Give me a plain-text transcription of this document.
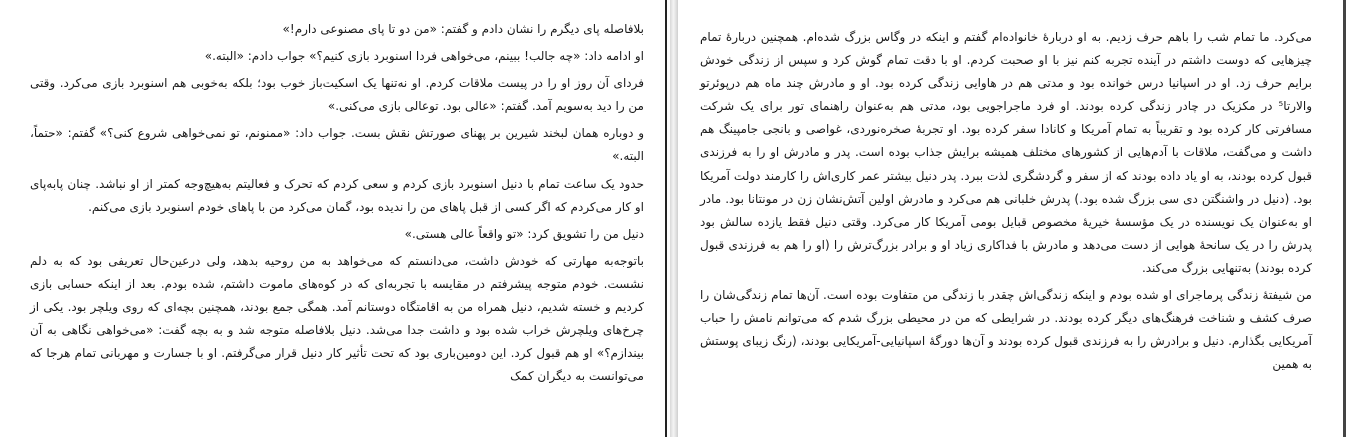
بلافاصله پای دیگرم را نشان دادم و گفتم: «من دو تا پای مصنوعی دارم!»

او ادامه داد: «چه جالب! ببینم، می‌خواهی فردا اسنوبرد بازی کنیم؟» جواب دادم: «البته.»

فردای آن روز او را در پیست ملاقات کردم. او نه‌تنها یک اسکیت‌باز خوب بود؛ بلکه به‌خوبی هم اسنوبرد بازی می‌کرد. وقتی من را دید به‌سویم آمد. گفتم: «عالی بود. تو‌عالی بازی می‌کنی.»

و دوباره همان لبخند شیرین بر پهنای صورتش نقش بست. جواب داد: «ممنونم، تو نمی‌خواهی شروع کنی؟» گفتم: «حتماً، البته.»

حدود یک ساعت تمام با دنیل اسنوبرد بازی کردم و سعی کردم که تحرک و فعالیتم به‌هیچ‌وجه کمتر از او نباشد. چنان پابه‌پای او کار می‌کردم که اگر کسی از قبل پاهای من را ندیده بود، گمان می‌کرد من با پاهای خودم اسنوبرد بازی می‌کنم.

دنیل من را تشویق کرد: «تو واقعاً عالی هستی.»

باتوجه‌به مهارتی که خودش داشت، می‌دانستم که می‌خواهد به من روحیه بدهد، ولی درعین‌حال تعریفی بود که به دلم نشست. خودم متوجه پیشرفتم در مقایسه با تجربه‌ای که در کوه‌های ماموت داشتم، شده بودم. بعد از اینکه حسابی بازی کردیم و خسته شدیم، دنیل همراه من به اقامتگاه دوستانم آمد. همگی جمع بودند، همچنین بچه‌ای که روی ویلچر بود. یکی از چرخ‌های ویلچرش خراب شده بود و داشت جدا می‌شد. دنیل بلافاصله متوجه شد و به بچه گفت: «می‌خواهی نگاهی به آن بیندازم؟» او هم قبول کرد. این دومین‌باری بود که تحت تأثیر کار دنیل قرار می‌گرفتم. او با جسارت و مهربانی تمام هرجا که می‌توانست به دیگران کمک

می‌کرد. ما تمام شب را باهم حرف زدیم. به او دربارهٔ خانواده‌ام گفتم و اینکه در وگاس بزرگ شده‌ام. همچنین دربارهٔ تمام چیزهایی که دوست داشتم در آینده تجربه کنم نیز با او صحبت کردم. او با دقت تمام گوش کرد و سپس از زندگی خودش برایم حرف زد. او در اسپانیا درس خوانده بود و مدتی هم در هاوایی زندگی کرده بود. او و مادرش چند ماه هم درپوئرتو والارتا⁵ در مکزیک در چادر زندگی کرده بودند. او فرد ماجراجویی بود، مدتی هم به‌عنوان راهنمای تور برای یک شرکت مسافرتی کار کرده بود و تقریباً به تمام آمریکا و کانادا سفر کرده بود. او تجربهٔ صخره‌نوردی، غواصی و بانجی جامپینگ هم داشت و می‌گفت، ملاقات با آدم‌هایی از کشورهای مختلف همیشه برایش جذاب بوده است. پدر و مادرش او را به فرزندی قبول کرده بودند، به او یاد داده بودند که از سفر و گردشگری لذت ببرد. پدر دنیل بیشتر عمر کاری‌اش را کارمند دولت آمریکا بود. (دنیل در واشنگتن دی سی بزرگ شده بود.) پدرش خلبانی هم می‌کرد و مادرش اولین آتش‌نشان زن در مونتانا بود. مادر او به‌عنوان یک نویسنده در یک مؤسسهٔ خیریهٔ مخصوص قبایل بومی آمریکا کار می‌کرد. وقتی دنیل فقط یازده سالش بود پدرش را در یک سانحهٔ هوایی از دست می‌دهد و مادرش با فداکاری زیاد او و برادر بزرگ‌ترش را (او را هم به فرزندی قبول کرده بودند) به‌تنهایی بزرگ می‌کند.

من شیفتهٔ زندگی پرماجرای او شده بودم و اینکه زندگی‌اش چقدر با زندگی من متفاوت بوده است. آن‌ها تمام زندگی‌شان را صرف کشف و شناخت فرهنگ‌های دیگر کرده بودند. در شرایطی که من در محیطی بزرگ شدم که می‌توانم نامش را حباب آمریکایی بگذارم. دنیل و برادرش را به فرزندی قبول کرده بودند و آن‌ها دورگهٔ اسپانیایی-آمریکایی بودند، (رنگ زیبای پوستش به همین
